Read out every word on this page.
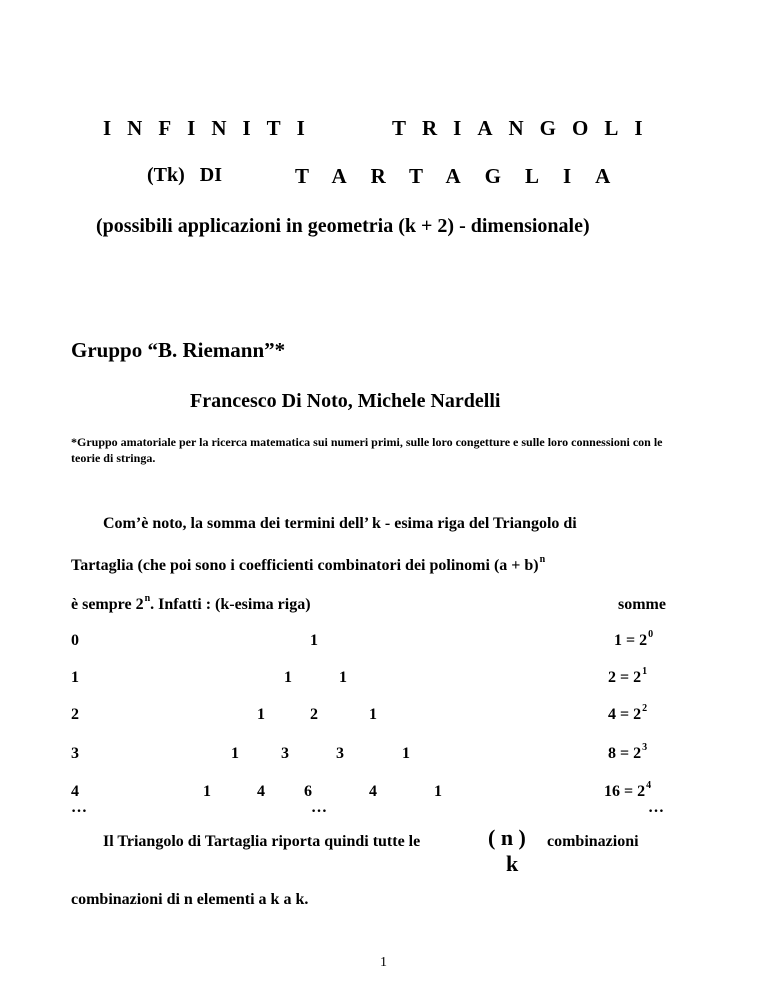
INFINITI	TRIANGOLI
(Tk) DI	TARTAGLIA
(possibili applicazioni in geometria (k + 2) - dimensionale)
Gruppo “B. Riemann”*
Francesco Di Noto, Michele Nardelli
*Gruppo amatoriale per la ricerca matematica sui numeri primi, sulle loro congetture e sulle loro connessioni con le teorie di stringa.
Com’è noto, la somma dei termini dell’ k - esima riga del Triangolo di
Tartaglia (che poi sono i coefficienti combinatori dei polinomi $(a + b)^n$
è sempre 2$^n$. Infatti : (k-esima riga)	somme
0	1	$1 = 2^0$
1	1	1	$2 = 2^1$
2	1	2	1	$4 = 2^2$
3	1	3	3	1	$8 = 2^3$
4	1	4 6	4	1	$16 = 2^4$
…	…	…
Il Triangolo di Tartaglia riporta quindi tutte le	( n )
k
combinazioni
combinazioni di n elementi a k a k.
1
